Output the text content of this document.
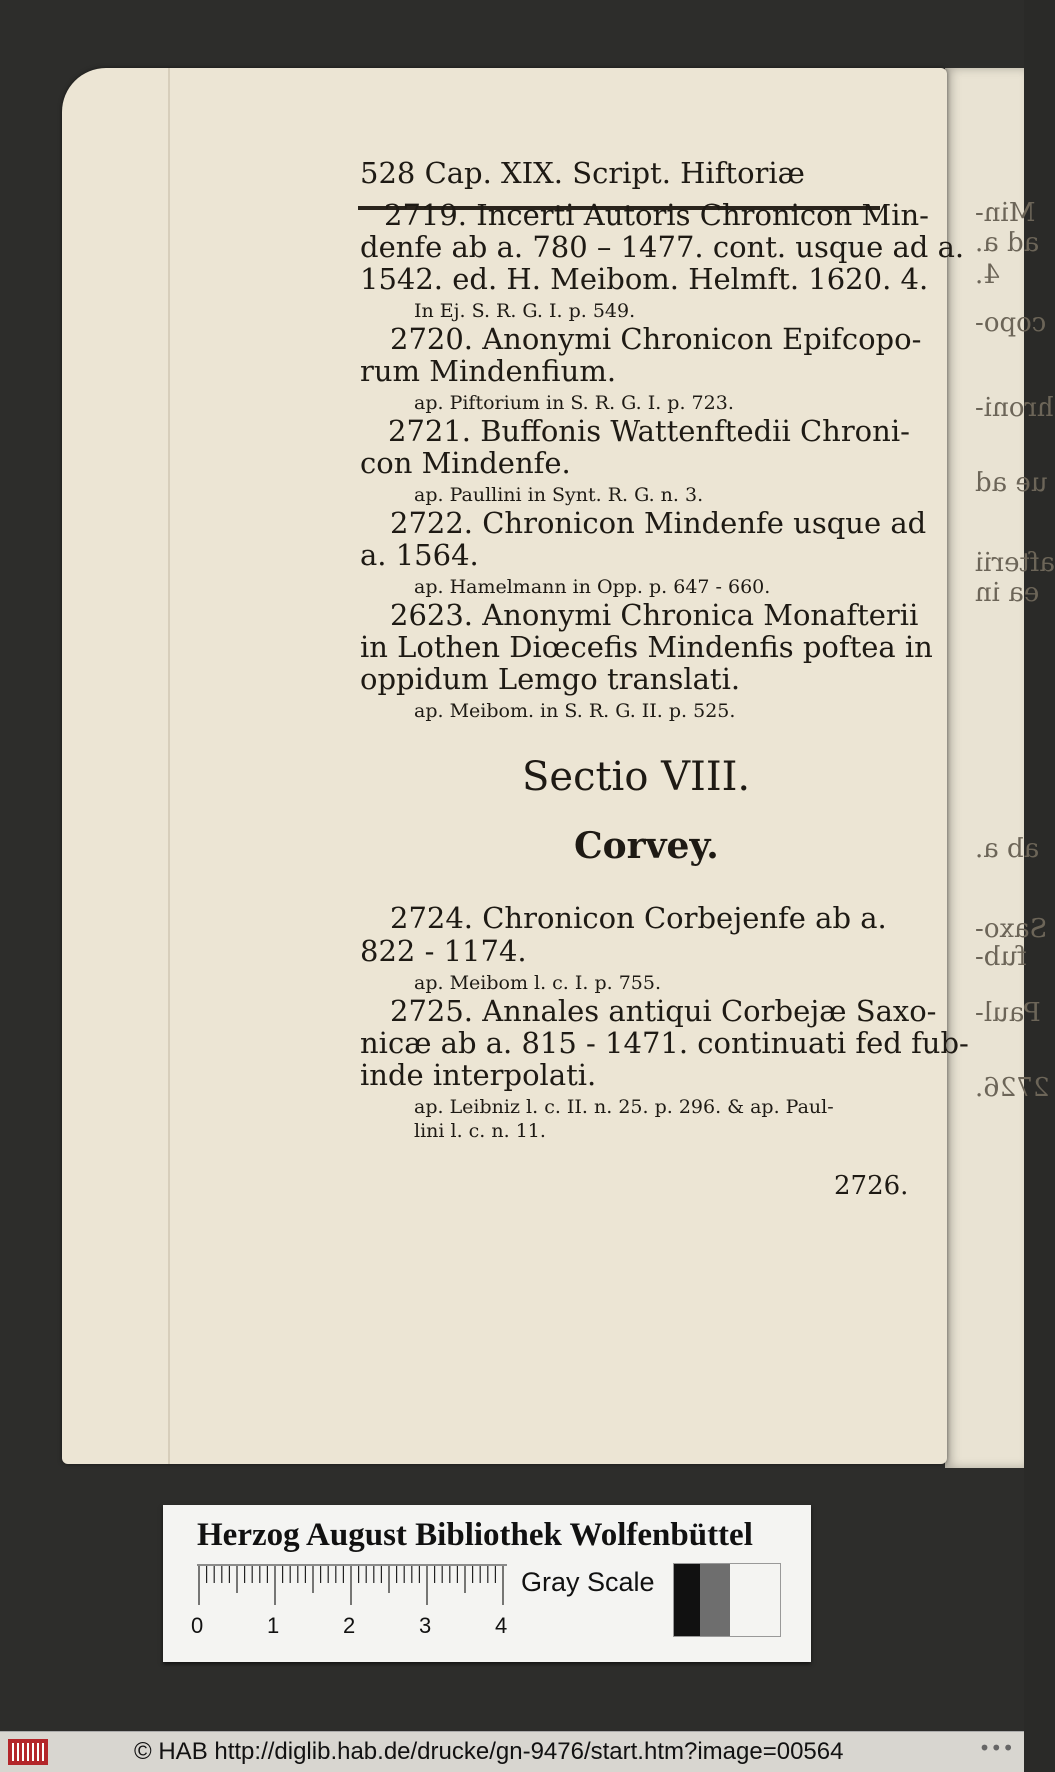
Min-
ad a.
4.
copo-
hroni-
ue ad
afterii
ea in
ab a.
Saxo-
fub-
Paul-
2726.
528 Cap. XIX. Script. Hiftoriæ
2719. Incerti Autoris Chronicon Min-
denfe ab a. 780 – 1477. cont. usque ad a.
1542. ed. H. Meibom. Helmft. 1620. 4.
In Ej. S. R. G. I. p. 549.
2720. Anonymi Chronicon Epifcopo-
rum Mindenfium.
ap. Piftorium in S. R. G. I. p. 723.
2721. Buffonis Wattenftedii Chroni-
con Mindenfe.
ap. Paullini in Synt. R. G. n. 3.
2722. Chronicon Mindenfe usque ad
a. 1564.
ap. Hamelmann in Opp. p. 647 - 660.
2623. Anonymi Chronica Monafterii
in Lothen Diœcefis Mindenfis poftea in
oppidum Lemgo translati.
ap. Meibom. in S. R. G. II. p. 525.
Sectio VIII.
Corvey.
2724. Chronicon Corbejenfe ab a.
822 - 1174.
ap. Meibom l. c. I. p. 755.
2725. Annales antiqui Corbejæ Saxo-
nicæ ab a. 815 - 1471. continuati fed fub-
inde interpolati.
ap. Leibniz l. c. II. n. 25. p. 296. & ap. Paul-
lini l. c. n. 11.
2726.
Herzog August Bibliothek Wolfenbüttel
0	1	2	3	4
Gray Scale
© HAB http://diglib.hab.de/drucke/gn-9476/start.htm?image=00564	•••
